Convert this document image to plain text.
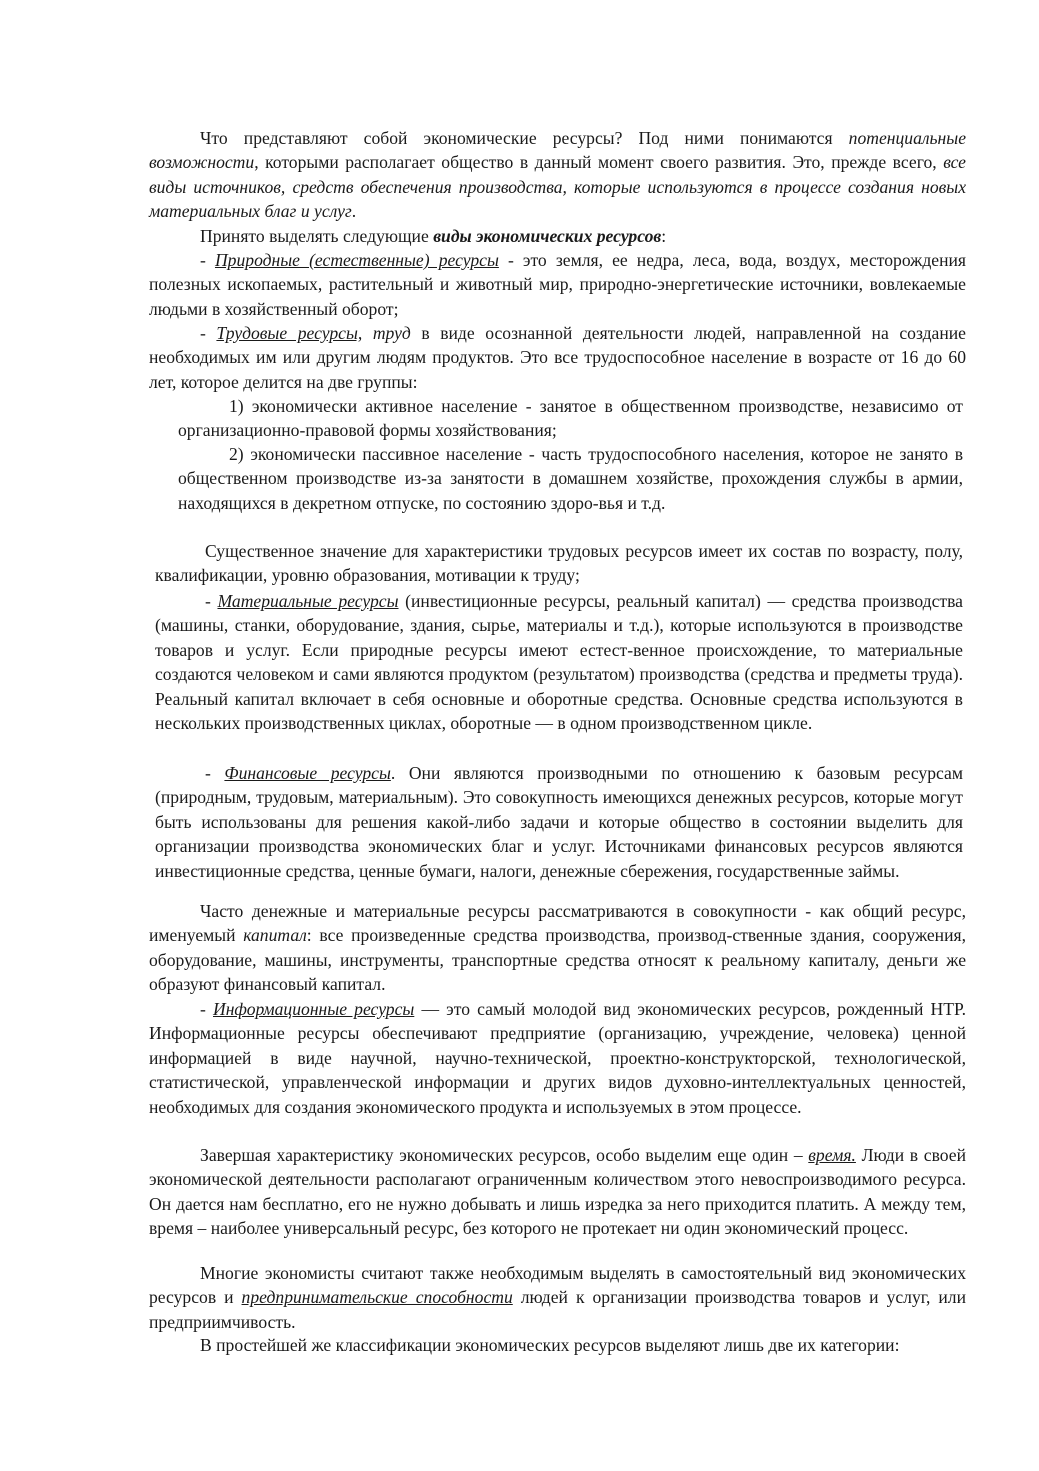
Что представляют собой экономические ресурсы? Под ними понимаются потенциальные возможности, которыми располагает общество в данный момент своего развития. Это, прежде всего, все виды источников, средств обеспечения производства, которые используются в процессе создания новых материальных благ и услуг.

Принято выделять следующие виды экономических ресурсов:

- Природные (естественные) ресурсы - это земля, ее недра, леса, вода, воздух, месторождения полезных ископаемых, растительный и животный мир, природно-энергетические источники, вовлекаемые людьми в хозяйственный оборот;

- Трудовые ресурсы, труд в виде осознанной деятельности людей, направленной на создание необходимых им или другим людям продуктов. Это все трудоспособное население в возрасте от 16 до 60 лет, которое делится на две группы:

1) экономически активное население - занятое в общественном производстве, независимо от организационно-правовой формы хозяйствования;

2) экономически пассивное население - часть трудоспособного населения, которое не занято в общественном производстве из-за занятости в домашнем хозяйстве, прохождения службы в армии, находящихся в декретном отпуске, по состоянию здоро-вья и т.д.

Существенное значение для характеристики трудовых ресурсов имеет их состав по возрасту, полу, квалификации, уровню образования, мотивации к труду;

- Материальные ресурсы (инвестиционные ресурсы, реальный капитал) — средства производства (машины, станки, оборудование, здания, сырье, материалы и т.д.), которые используются в производстве товаров и услуг. Если природные ресурсы имеют естест-венное происхождение, то материальные создаются человеком и сами являются продуктом (результатом) производства (средства и предметы труда). Реальный капитал включает в себя основные и оборотные средства. Основные средства используются в нескольких производственных циклах, оборотные — в одном производственном цикле.

- Финансовые ресурсы. Они являются производными по отношению к базовым ресурсам (природным, трудовым, материальным). Это совокупность имеющихся денежных ресурсов, которые могут быть использованы для решения какой-либо задачи и которые общество в состоянии выделить для организации производства экономических благ и услуг. Источниками финансовых ресурсов являются инвестиционные средства, ценные бумаги, налоги, денежные сбережения, государственные займы.

Часто денежные и материальные ресурсы рассматриваются в совокупности - как общий ресурс, именуемый капитал: все произведенные средства производства, производ-ственные здания, сооружения, оборудование, машины, инструменты, транспортные средства относят к реальному капиталу, деньги же образуют финансовый капитал.

- Информационные ресурсы — это самый молодой вид экономических ресурсов, рожденный НТР. Информационные ресурсы обеспечивают предприятие (организацию, учреждение, человека) ценной информацией в виде научной, научно-технической, проектно-конструкторской, технологической, статистической, управленческой информации и других видов духовно-интеллектуальных ценностей, необходимых для создания экономического продукта и используемых в этом процессе.

Завершая характеристику экономических ресурсов, особо выделим еще один – время. Люди в своей экономической деятельности располагают ограниченным количеством этого невоспроизводимого ресурса. Он дается нам бесплатно, его не нужно добывать и лишь изредка за него приходится платить. А между тем, время – наиболее универсальный ресурс, без которого не протекает ни один экономический процесс.

Многие экономисты считают также необходимым выделять в самостоятельный вид экономических ресурсов и предпринимательские способности людей к организации производства товаров и услуг, или предприимчивость.

В простейшей же классификации экономических ресурсов выделяют лишь две их категории:
